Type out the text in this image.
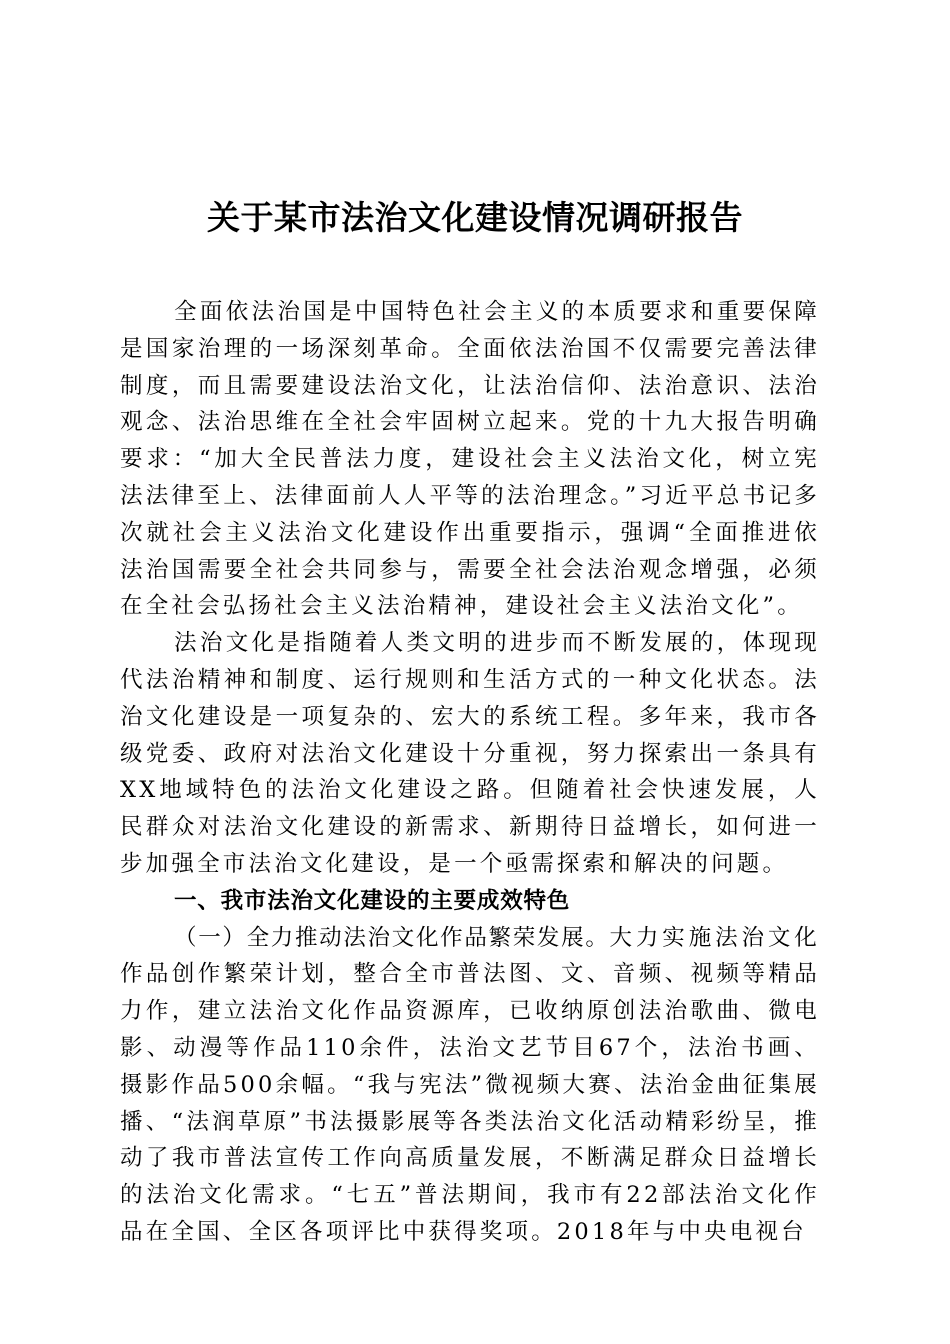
关于某市法治文化建设情况调研报告

全面依法治国是中国特色社会主义的本质要求和重要保障是国家治理的一场深刻革命。全面依法治国不仅需要完善法律制度，而且需要建设法治文化，让法治信仰、法治意识、法治观念、法治思维在全社会牢固树立起来。党的十九大报告明确要求：“加大全民普法力度，建设社会主义法治文化，树立宪法法律至上、法律面前人人平等的法治理念。”习近平总书记多次就社会主义法治文化建设作出重要指示，强调“全面推进依法治国需要全社会共同参与，需要全社会法治观念增强，必须在全社会弘扬社会主义法治精神，建设社会主义法治文化”。

法治文化是指随着人类文明的进步而不断发展的，体现现代法治精神和制度、运行规则和生活方式的一种文化状态。法治文化建设是一项复杂的、宏大的系统工程。多年来，我市各级党委、政府对法治文化建设十分重视，努力探索出一条具有XX地域特色的法治文化建设之路。但随着社会快速发展，人民群众对法治文化建设的新需求、新期待日益增长，如何进一步加强全市法治文化建设，是一个亟需探索和解决的问题。

一、我市法治文化建设的主要成效特色

（一）全力推动法治文化作品繁荣发展。大力实施法治文化作品创作繁荣计划，整合全市普法图、文、音频、视频等精品力作，建立法治文化作品资源库，已收纳原创法治歌曲、微电影、动漫等作品110余件，法治文艺节目67个，法治书画、摄影作品500余幅。“我与宪法”微视频大赛、法治金曲征集展播、“法润草原”书法摄影展等各类法治文化活动精彩纷呈，推动了我市普法宣传工作向高质量发展，不断满足群众日益增长的法治文化需求。“七五”普法期间，我市有22部法治文化作品在全国、全区各项评比中获得奖项。2018年与中央电视台
